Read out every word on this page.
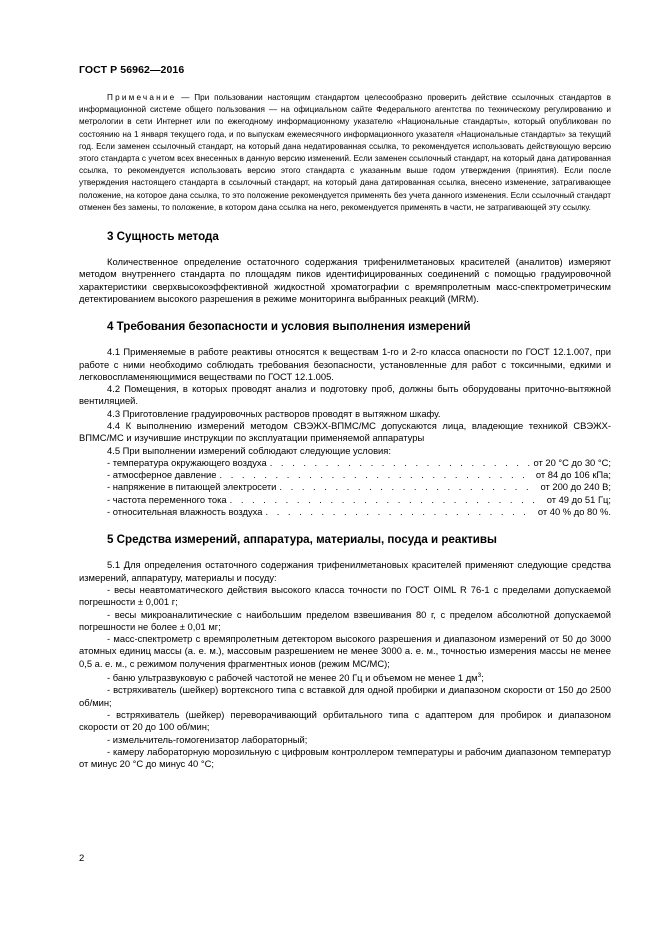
ГОСТ Р 56962—2016

Примечание — При пользовании настоящим стандартом целесообразно проверить действие ссылочных стандартов в информационной системе общего пользования — на официальном сайте Федерального агентства по техническому регулированию и метрологии в сети Интернет или по ежегодному информационному указателю «Национальные стандарты», который опубликован по состоянию на 1 января текущего года, и по выпускам ежемесячного информационного указателя «Национальные стандарты» за текущий год. Если заменен ссылочный стандарт, на который дана недатированная ссылка, то рекомендуется использовать действующую версию этого стандарта с учетом всех внесенных в данную версию изменений. Если заменен ссылочный стандарт, на который дана датированная ссылка, то рекомендуется использовать версию этого стандарта с указанным выше годом утверждения (принятия). Если после утверждения настоящего стандарта в ссылочный стандарт, на который дана датированная ссылка, внесено изменение, затрагивающее положение, на которое дана ссылка, то это положение рекомендуется применять без учета данного изменения. Если ссылочный стандарт отменен без замены, то положение, в котором дана ссылка на него, рекомендуется применять в части, не затрагивающей эту ссылку.

3 Сущность метода

Количественное определение остаточного содержания трифенилметановых красителей (аналитов) измеряют методом внутреннего стандарта по площадям пиков идентифицированных соединений с помощью градуировочной характеристики сверхвысокоэффективной жидкостной хроматографии с времяпролетным масс-спектрометрическим детектированием высокого разрешения в режиме мониторинга выбранных реакций (MRM).

4 Требования безопасности и условия выполнения измерений

4.1 Применяемые в работе реактивы относятся к веществам 1-го и 2-го класса опасности по ГОСТ 12.1.007, при работе с ними необходимо соблюдать требования безопасности, установленные для работ с токсичными, едкими и легковоспламеняющимися веществами по ГОСТ 12.1.005.

4.2 Помещения, в которых проводят анализ и подготовку проб, должны быть оборудованы приточно-вытяжной вентиляцией.

4.3 Приготовление градуировочных растворов проводят в вытяжном шкафу.

4.4 К выполнению измерений методом СВЭЖХ-ВПМС/МС допускаются лица, владеющие техникой СВЭЖХ-ВПМС/МС и изучившие инструкции по эксплуатации применяемой аппаратуры

4.5 При выполнении измерений соблюдают следующие условия:

- температура окружающего воздуха . . .	от 20 °С до 30 °С;
- атмосферное давление . . .	от 84 до 106 кПа;
- напряжение в питающей электросети . . .	от 200 до 240 В;
- частота переменного тока . . .	от 49 до 51 Гц;
- относительная влажность воздуха . . .	от 40 % до 80 %.
5 Средства измерений, аппаратура, материалы, посуда и реактивы

5.1 Для определения остаточного содержания трифенилметановых красителей применяют следующие средства измерений, аппаратуру, материалы и посуду:

- весы неавтоматического действия высокого класса точности по ГОСТ OIML R 76-1 с пределами допускаемой погрешности ± 0,001 г;

- весы микроаналитические с наибольшим пределом взвешивания 80 г, с пределом абсолютной допускаемой погрешности не более ± 0,01 мг;

- масс-спектрометр с времяпролетным детектором высокого разрешения и диапазоном измерений от 50 до 3000 атомных единиц массы (а. е. м.), массовым разрешением не менее 3000 а. е. м., точностью измерения массы не менее 0,5 а. е. м., с режимом получения фрагментных ионов (режим МС/МС);

- баню ультразвуковую с рабочей частотой не менее 20 Гц и объемом не менее 1 $дм^3$;

- встряхиватель (шейкер) вортексного типа с вставкой для одной пробирки и диапазоном скорости от 150 до 2500 об/мин;

- встряхиватель (шейкер) переворачивающий орбитального типа с адаптером для пробирок и диапазоном скорости от 20 до 100 об/мин;

- измельчитель-гомогенизатор лабораторный;

- камеру лабораторную морозильную с цифровым контроллером температуры и рабочим диапазоном температур от минус 20 °С до минус 40 °С;

2
